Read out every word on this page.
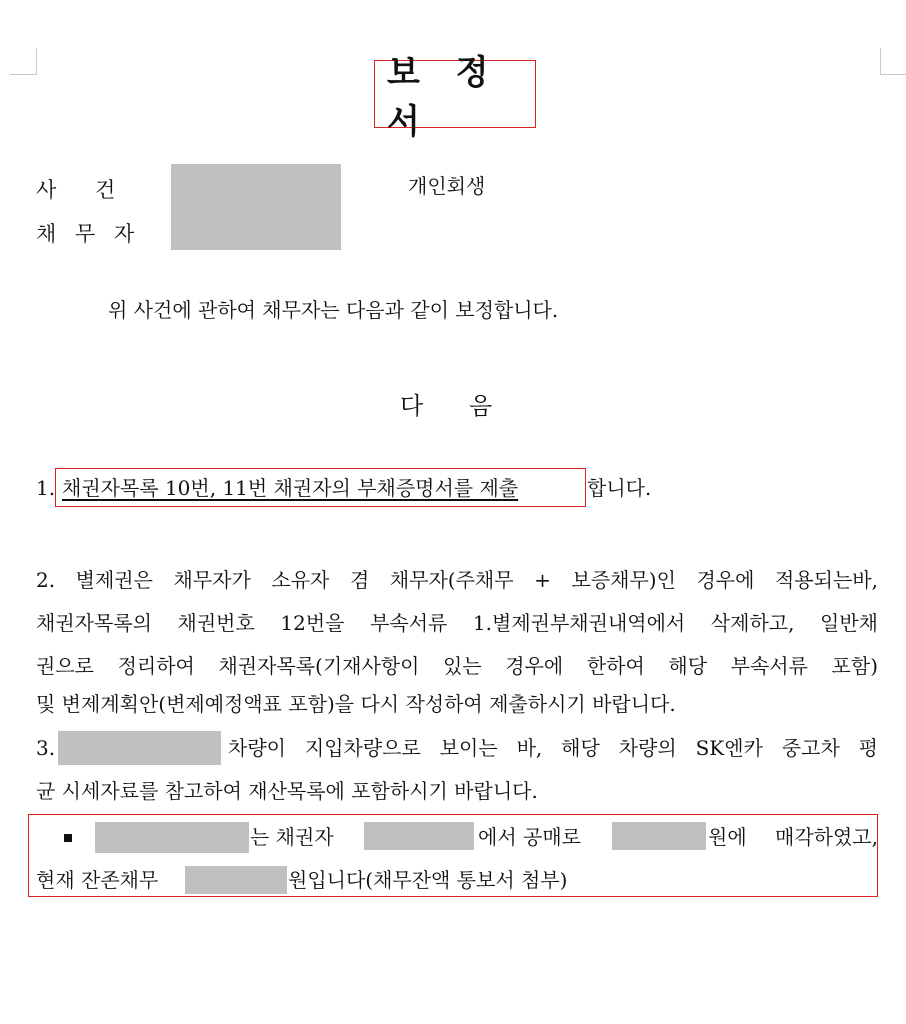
보 정 서
사 건
채 무 자
개인회생
위 사건에 관하여 채무자는 다음과 같이 보정합니다.
다      음
1. 채권자목록 10번, 11번 채권자의 부채증명서를 제출	합니다.
2. 별제권은 채무자가 소유자 겸 채무자(주채무 + 보증채무)인 경우에 적용되는바,
채권자목록의 채권번호 12번을 부속서류 1.별제권부채권내역에서 삭제하고, 일반채
권으로 정리하여 채권자목록(기재사항이 있는 경우에 한하여 해당 부속서류 포함)
및 변제계획안(변제예정액표 포함)을 다시 작성하여 제출하시기 바랍니다.
3.	차량이 지입차량으로 보이는 바, 해당 차량의 SK엔카 중고차 평
균 시세자료를 참고하여 재산목록에 포함하시기 바랍니다.
는 채권자	에서 공매로	원에 매각하였고,
현재 잔존채무	원입니다(채무잔액 통보서 첨부)
